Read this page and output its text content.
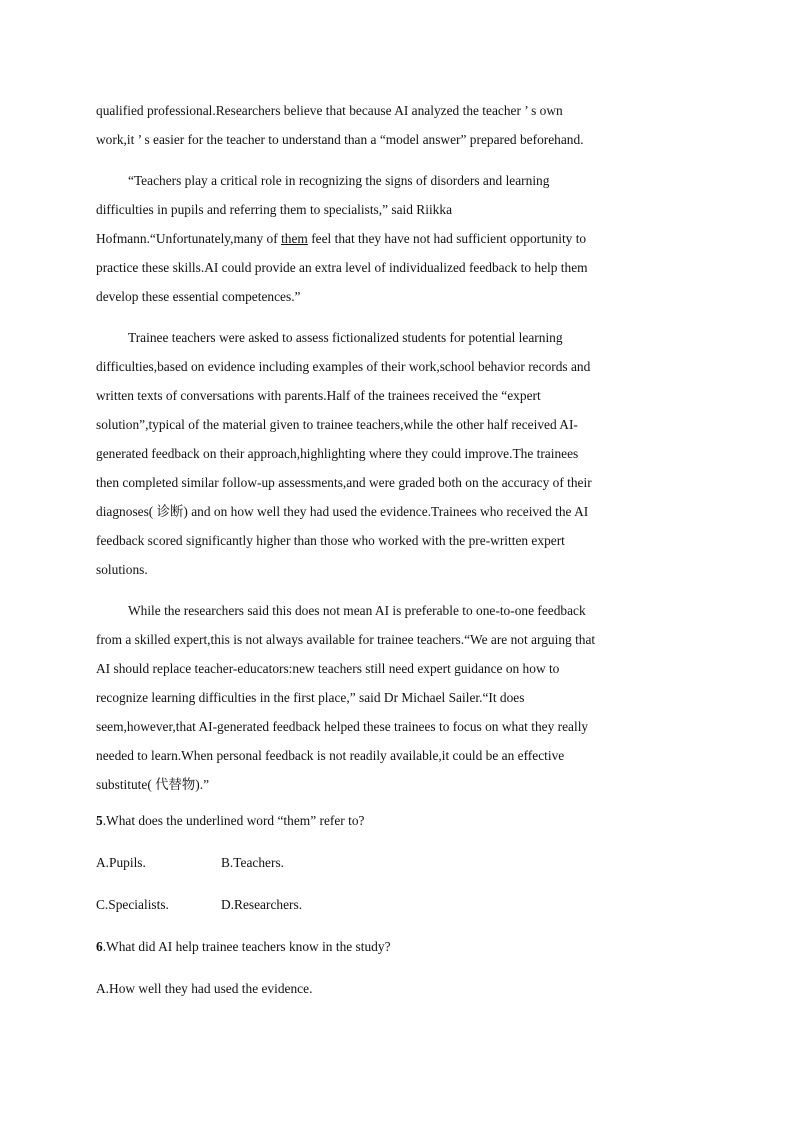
qualified professional.Researchers believe that because AI analyzed the teacher ’ s own
work,it ’ s easier for the teacher to understand than a “model answer” prepared beforehand.

“Teachers play a critical role in recognizing the signs of disorders and learning
difficulties in pupils and referring them to specialists,” said Riikka
Hofmann.“Unfortunately,many of them feel that they have not had sufficient opportunity to
practice these skills.AI could provide an extra level of individualized feedback to help them
develop these essential competences.”

Trainee teachers were asked to assess fictionalized students for potential learning
difficulties,based on evidence including examples of their work,school behavior records and
written texts of conversations with parents.Half of the trainees received the “expert
solution”,typical of the material given to trainee teachers,while the other half received AI-
generated feedback on their approach,highlighting where they could improve.The trainees
then completed similar follow-up assessments,and were graded both on the accuracy of their
diagnoses( 诊断) and on how well they had used the evidence.Trainees who received the AI
feedback scored significantly higher than those who worked with the pre-written expert
solutions.

While the researchers said this does not mean AI is preferable to one-to-one feedback
from a skilled expert,this is not always available for trainee teachers.“We are not arguing that
AI should replace teacher-educators:new teachers still need expert guidance on how to
recognize learning difficulties in the first place,” said Dr Michael Sailer.“It does
seem,however,that AI-generated feedback helped these trainees to focus on what they really
needed to learn.When personal feedback is not readily available,it could be an effective
substitute( 代替物).”

5.What does the underlined word “them” refer to?
A.Pupils.	B.Teachers.
C.Specialists.	D.Researchers.
6.What did AI help trainee teachers know in the study?
A.How well they had used the evidence.
